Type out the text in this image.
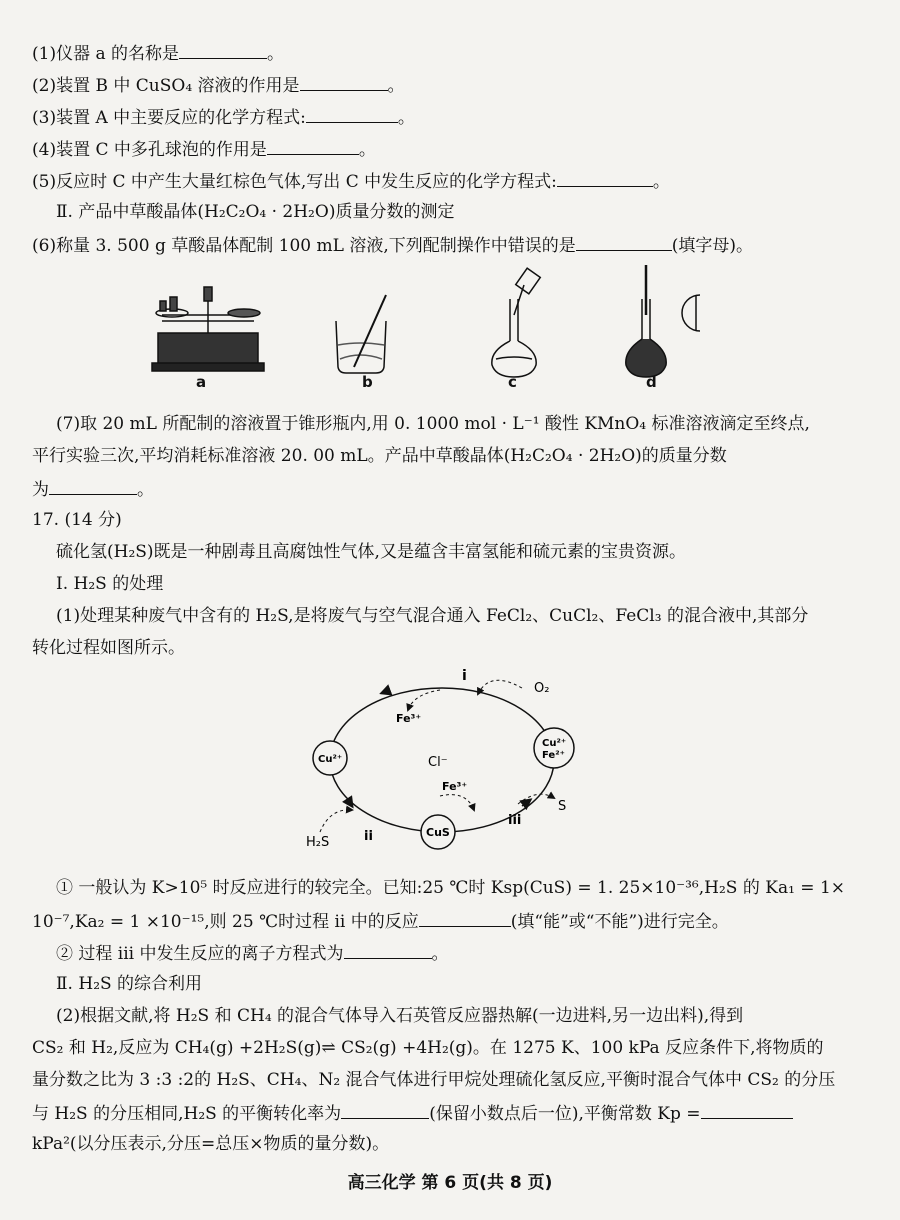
(1)仪器 a 的名称是	。
(2)装置 B 中 CuSO₄ 溶液的作用是	。
(3)装置 A 中主要反应的化学方程式:	。
(4)装置 C 中多孔球泡的作用是	。
(5)反应时 C 中产生大量红棕色气体,写出 C 中发生反应的化学方程式:	。
Ⅱ. 产品中草酸晶体(H₂C₂O₄ · 2H₂O)质量分数的测定
(6)称量 3. 500 g 草酸晶体配制 100 mL 溶液,下列配制操作中错误的是	(填字母)。
a	b	c	d
(7)取 20 mL 所配制的溶液置于锥形瓶内,用 0. 1000 mol · L⁻¹ 酸性 KMnO₄ 标准溶液滴定至终点,
平行实验三次,平均消耗标准溶液 20. 00 mL。产品中草酸晶体(H₂C₂O₄ · 2H₂O)的质量分数
为	。
17. (14 分)
硫化氢(H₂S)既是一种剧毒且高腐蚀性气体,又是蕴含丰富氢能和硫元素的宝贵资源。
Ⅰ. H₂S 的处理
(1)处理某种废气中含有的 H₂S,是将废气与空气混合通入 FeCl₂、CuCl₂、FeCl₃ 的混合液中,其部分
转化过程如图所示。
i
O₂
Fe³⁺
Cu²⁺	Cl⁻
Cu²⁺
Fe²⁺
Fe³⁺
iii
S
H₂S	ii	CuS
① 一般认为 K>10⁵ 时反应进行的较完全。已知:25 ℃时 Ksp(CuS) = 1. 25×10⁻³⁶,H₂S 的 Ka₁ = 1×
10⁻⁷,Ka₂ = 1 ×10⁻¹⁵,则 25 ℃时过程 ii 中的反应	(填“能”或“不能”)进行完全。
② 过程 iii 中发生反应的离子方程式为	。
Ⅱ. H₂S 的综合利用
(2)根据文献,将 H₂S 和 CH₄ 的混合气体导入石英管反应器热解(一边进料,另一边出料),得到
CS₂ 和 H₂,反应为 CH₄(g) +2H₂S(g)⇌ CS₂(g) +4H₂(g)。在 1275 K、100 kPa 反应条件下,将物质的
量分数之比为 3 :3 :2的 H₂S、CH₄、N₂ 混合气体进行甲烷处理硫化氢反应,平衡时混合气体中 CS₂ 的分压
与 H₂S 的分压相同,H₂S 的平衡转化率为	(保留小数点后一位),平衡常数 Kp =
kPa²(以分压表示,分压=总压×物质的量分数)。
高三化学 第 6 页(共 8 页)
